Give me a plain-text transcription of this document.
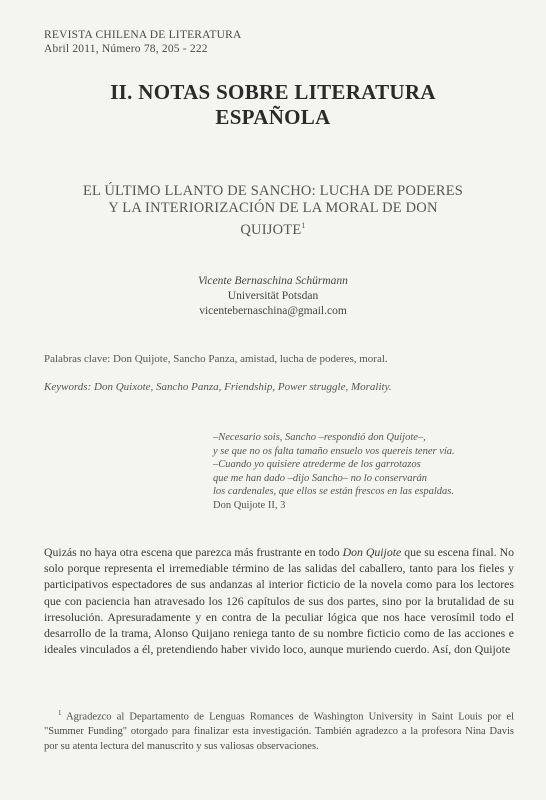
REVISTA CHILENA DE LITERATURA
Abril 2011, Número 78, 205 - 222
II. NOTAS SOBRE LITERATURA
ESPAÑOLA
EL ÚLTIMO LLANTO DE SANCHO: LUCHA DE PODERES
Y LA INTERIORIZACIÓN DE LA MORAL DE DON
QUIJOTE$^1$
Vicente Bernaschina Schürmann
Universität Potsdan
vicentebernaschina@gmail.com
Palabras clave: Don Quijote, Sancho Panza, amistad, lucha de poderes, moral.
Keywords: Don Quixote, Sancho Panza, Friendship, Power struggle, Morality.
–Necesario sois, Sancho –respondió don Quijote–,
y se que no os falta tamaño ensuelo vos quereis tener vía.
–Cuando yo quisiere atrederme de los garrotazos
que me han dado –dijo Sancho– no lo conservarán
los cardenales, que ellos se están frescos en las espaldas.
Don Quijote II, 3

Quizás no haya otra escena que parezca más frustrante en todo Don Quijote que su escena final. No solo porque representa el irremediable término de las salidas del caballero, tanto para los fieles y participativos espectadores de sus andanzas al interior ficticio de la novela como para los lectores que con paciencia han atravesado los 126 capítulos de sus dos partes, sino por la brutalidad de su irresolución. Apresuradamente y en contra de la peculiar lógica que nos hace verosímil todo el desarrollo de la trama, Alonso Quijano reniega tanto de su nombre ficticio como de las acciones e ideales vinculados a él, pretendiendo haber vivido loco, aunque muriendo cuerdo. Así, don Quijote

$^1$ Agradezco al Departamento de Lenguas Romances de Washington University in Saint Louis por el "Summer Funding" otorgado para finalizar esta investigación. También agradezco a la profesora Nina Davis por su atenta lectura del manuscrito y sus valiosas observaciones.
